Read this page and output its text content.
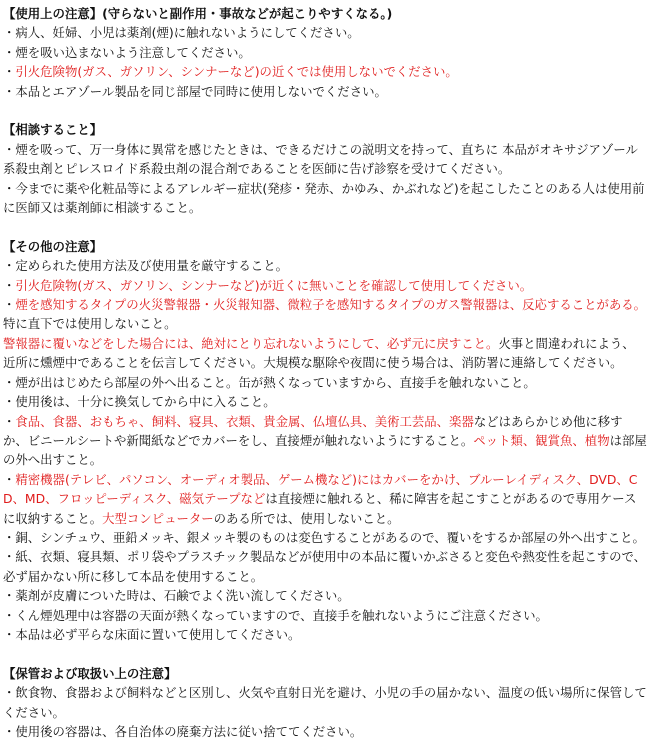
【使用上の注意】(守らないと副作用・事故などが起こりやすくなる。)
・病人、妊婦、小児は薬剤(煙)に触れないようにしてください。
・煙を吸い込まないよう注意してください。
・引火危険物(ガス、ガソリン、シンナーなど)の近くでは使用しないでください。
・本品とエアゾール製品を同じ部屋で同時に使用しないでください。
【相談すること】
・煙を吸って、万一身体に異常を感じたときは、できるだけこの説明文を持って、直ちに 本品がオキサジアゾール系殺虫剤とピレスロイド系殺虫剤の混合剤であることを医師に告げ診察を受けてください。
・今までに薬や化粧品等によるアレルギー症状(発疹・発赤、かゆみ、かぶれなど)を起こしたことのある人は使用前に医師又は薬剤師に相談すること。
【その他の注意】
・定められた使用方法及び使用量を厳守すること。
・引火危険物(ガス、ガソリン、シンナーなど)が近くに無いことを確認して使用してください。
・煙を感知するタイプの火災警報器・火災報知器、微粒子を感知するタイプのガス警報器は、反応することがある。特に直下では使用しないこと。
警報器に覆いなどをした場合には、絶対にとり忘れないようにして、必ず元に戻すこと。火事と間違われによう、近所に燻煙中であることを伝言してください。大規模な駆除や夜間に使う場合は、消防署に連絡してください。
・煙が出はじめたら部屋の外へ出ること。缶が熱くなっていますから、直接手を触れないこと。
・使用後は、十分に換気してから中に入ること。
・食品、食器、おもちゃ、飼料、寝具、衣類、貴金属、仏壇仏具、美術工芸品、楽器などはあらかじめ他に移すか、ビニールシートや新聞紙などでカバーをし、直接煙が触れないようにすること。ペット類、観賞魚、植物は部屋の外へ出すこと。
・精密機器(テレビ、パソコン、オーディオ製品、ゲーム機など)にはカバーをかけ、ブルーレイディスク、DVD、CD、MD、フロッピーディスク、磁気テープなどは直接煙に触れると、稀に障害を起こすことがあるので専用ケースに収納すること。大型コンピューターのある所では、使用しないこと。
・銅、シンチュウ、亜鉛メッキ、銀メッキ製のものは変色することがあるので、覆いをするか部屋の外へ出すこと。
・紙、衣類、寝具類、ポリ袋やプラスチック製品などが使用中の本品に覆いかぶさると変色や熱変性を起こすので、必ず届かない所に移して本品を使用すること。
・薬剤が皮膚についた時は、石鹸でよく洗い流してください。
・くん煙処理中は容器の天面が熱くなっていますので、直接手を触れないようにご注意ください。
・本品は必ず平らな床面に置いて使用してください。
【保管および取扱い上の注意】
・飲食物、食器および飼料などと区別し、火気や直射日光を避け、小児の手の届かない、温度の低い場所に保管してください。
・使用後の容器は、各自治体の廃棄方法に従い捨ててください。
